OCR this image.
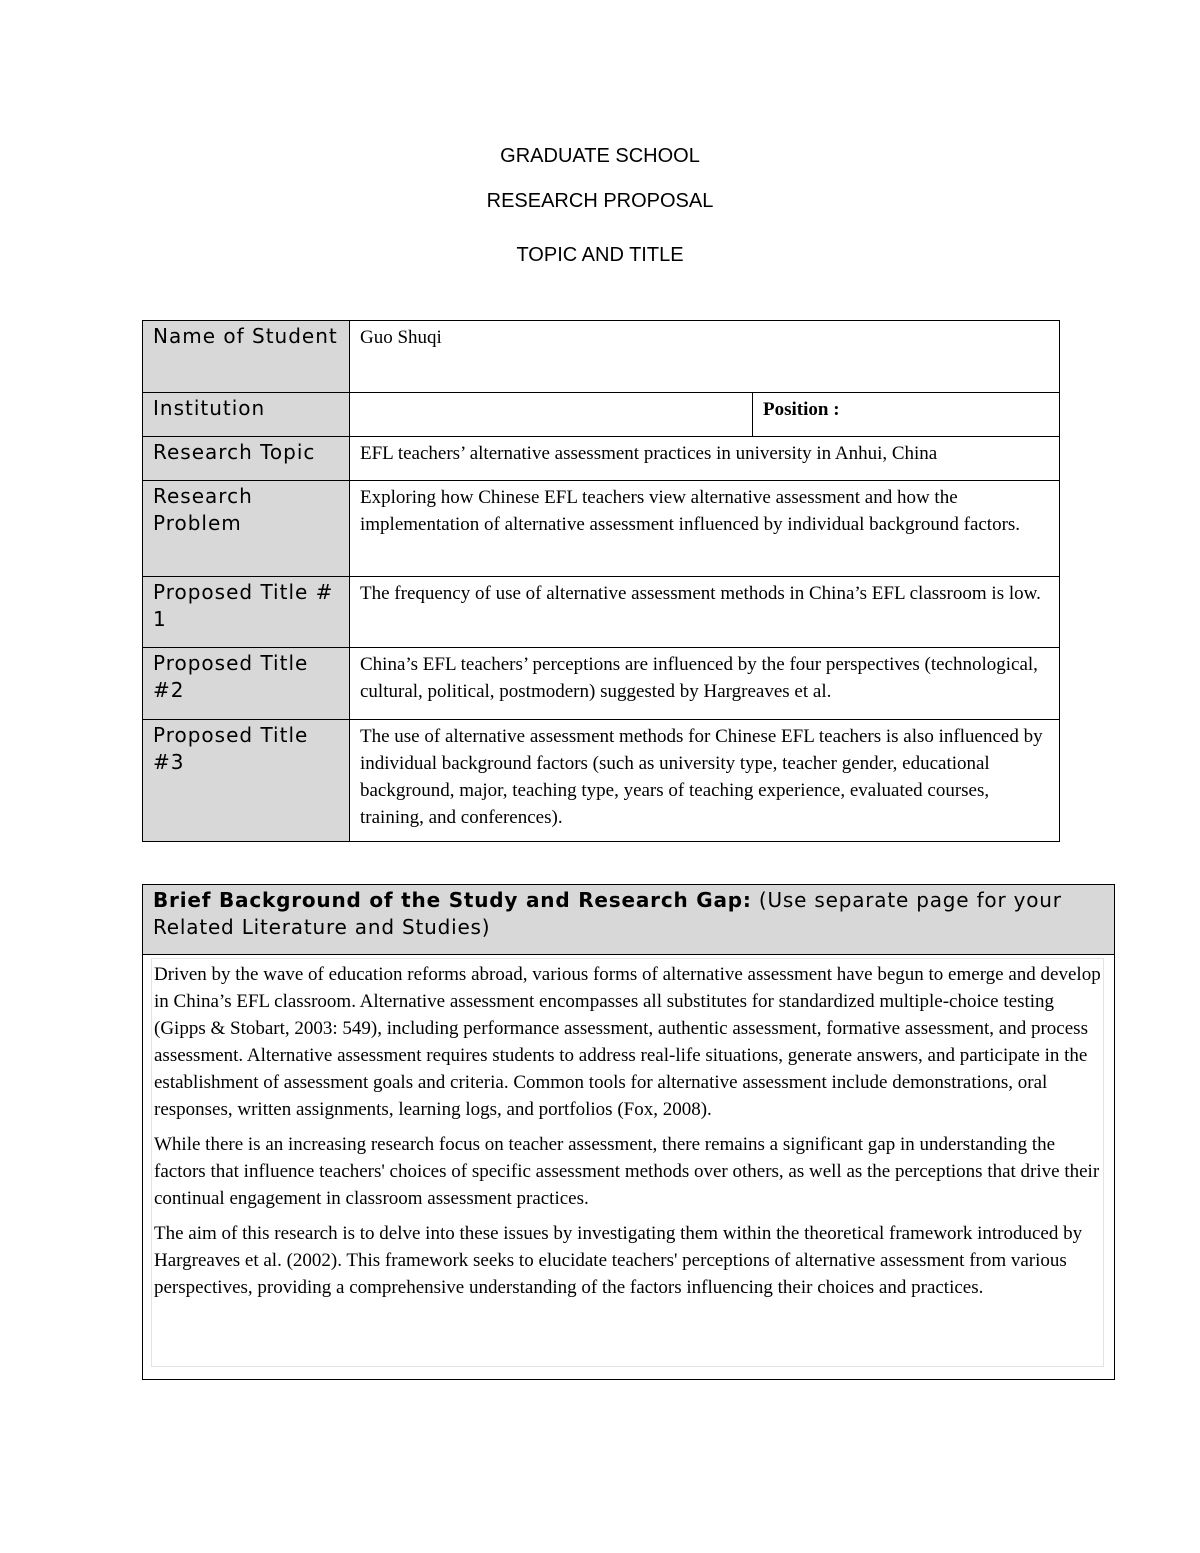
GRADUATE SCHOOL
RESEARCH PROPOSAL
TOPIC AND TITLE
Name of Student	Guo Shuqi	
Institution		Position :
Research Topic	EFL teachers’ alternative assessment practices in university in Anhui, China	
Research Problem	Exploring how Chinese EFL teachers view alternative assessment and how the implementation of alternative assessment influenced by individual background factors.	
Proposed Title # 1	The frequency of use of alternative assessment methods in China’s EFL classroom is low.	
Proposed Title #2	China’s EFL teachers’ perceptions are influenced by the four perspectives (technological, cultural, political, postmodern) suggested by Hargreaves et al.	
Proposed Title #3	The use of alternative assessment methods for Chinese EFL teachers is also influenced by individual background factors (such as university type, teacher gender, educational background, major, teaching type, years of teaching experience, evaluated courses, training, and conferences).	
Brief Background of the Study and Research Gap: (Use separate page for your Related Literature and Studies)

Driven by the wave of education reforms abroad, various forms of alternative assessment have begun to emerge and develop in China’s EFL classroom. Alternative assessment encompasses all substitutes for standardized multiple-choice testing (Gipps & Stobart, 2003: 549), including performance assessment, authentic assessment, formative assessment, and process assessment. Alternative assessment requires students to address real-life situations, generate answers, and participate in the establishment of assessment goals and criteria. Common tools for alternative assessment include demonstrations, oral responses, written assignments, learning logs, and portfolios (Fox, 2008).

While there is an increasing research focus on teacher assessment, there remains a significant gap in understanding the factors that influence teachers' choices of specific assessment methods over others, as well as the perceptions that drive their continual engagement in classroom assessment practices.

The aim of this research is to delve into these issues by investigating them within the theoretical framework introduced by Hargreaves et al. (2002). This framework seeks to elucidate teachers' perceptions of alternative assessment from various perspectives, providing a comprehensive understanding of the factors influencing their choices and practices.
